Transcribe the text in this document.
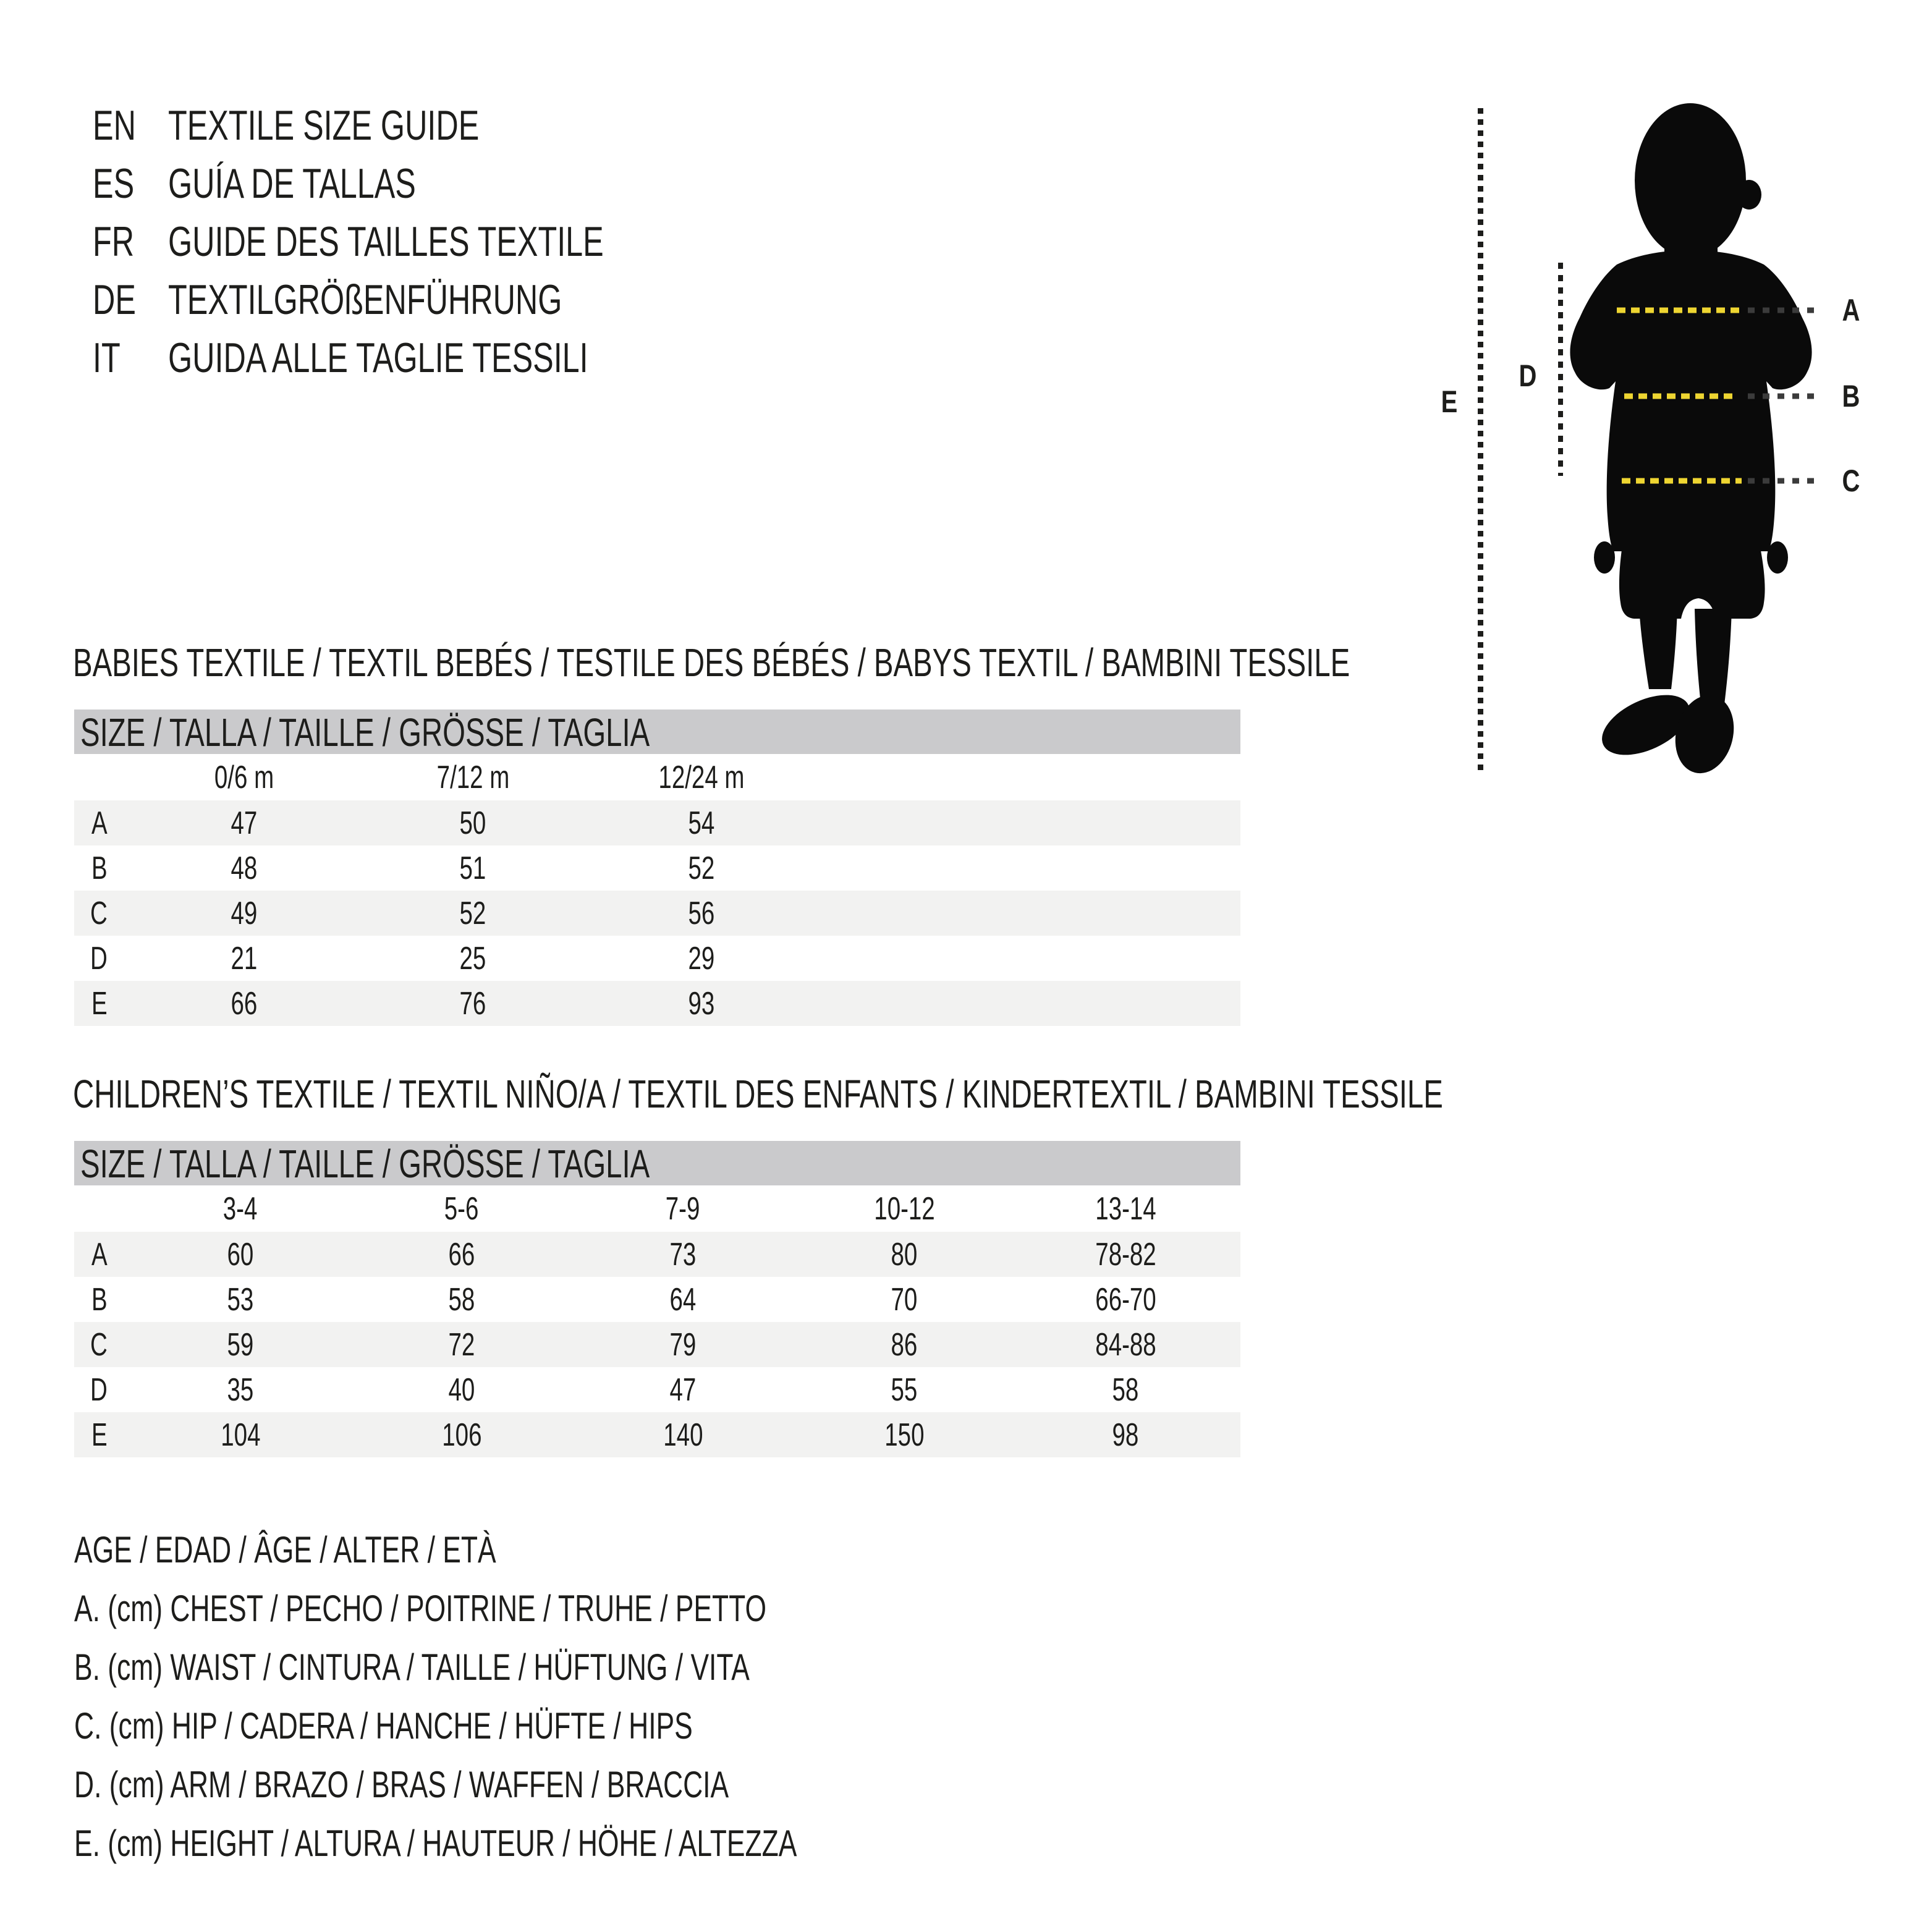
EN TEXTILE SIZE GUIDE
ES GUÍA DE TALLAS
FR GUIDE DES TAILLES TEXTILE
DE TEXTILGRÖßENFÜHRUNG
IT GUIDA ALLE TAGLIE TESSILI
A
B
C
D
E
BABIES TEXTILE / TEXTIL BEBÉS / TESTILE DES BÉBÉS / BABYS TEXTIL / BAMBINI TESSILE
SIZE / TALLA / TAILLE / GRÖSSE / TAGLIA
	0/6 m	7/12 m	12/24 m	
A	47	50	54	
B	48	51	52	
C	49	52	56	
D	21	25	29	
E	66	76	93	
CHILDREN’S TEXTILE / TEXTIL NIÑO/A / TEXTIL DES ENFANTS / KINDERTEXTIL / BAMBINI TESSILE
SIZE / TALLA / TAILLE / GRÖSSE / TAGLIA
	3-4	5-6	7-9	10-12	13-14	
A	60	66	73	80	78-82	
B	53	58	64	70	66-70	
C	59	72	79	86	84-88	
D	35	40	47	55	58	
E	104	106	140	150	98	
AGE / EDAD / ÂGE / ALTER / ETÀ
A. (cm) CHEST / PECHO / POITRINE / TRUHE / PETTO
B. (cm) WAIST / CINTURA / TAILLE / HÜFTUNG / VITA
C. (cm) HIP / CADERA / HANCHE / HÜFTE / HIPS
D. (cm) ARM / BRAZO / BRAS / WAFFEN / BRACCIA
E. (cm) HEIGHT / ALTURA / HAUTEUR / HÖHE / ALTEZZA
